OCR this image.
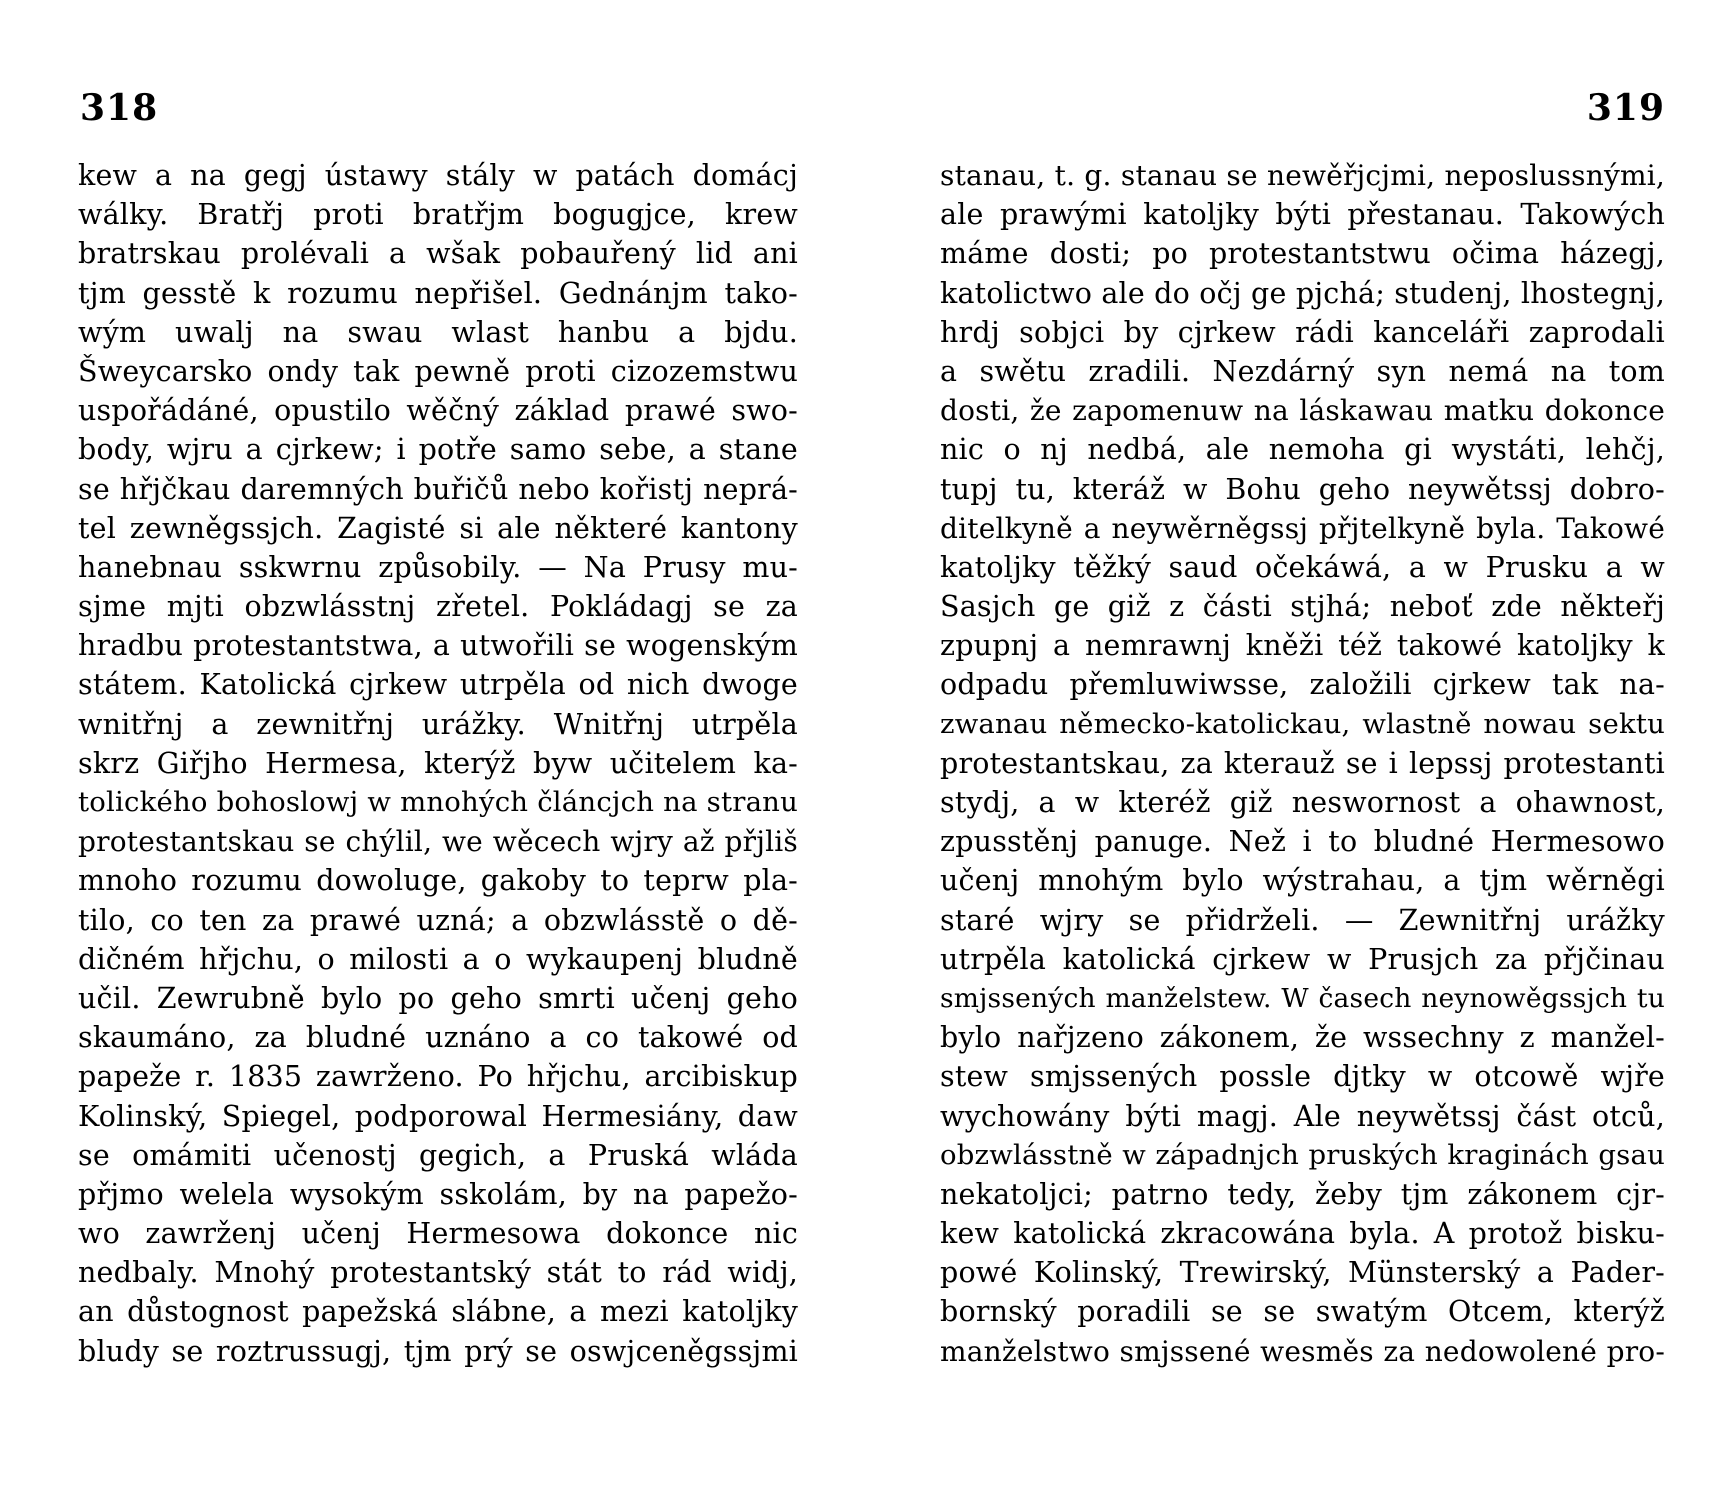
318
kew a na gegj ústawy stály w patách domácj
wálky. Bratřj proti bratřjm bogugjce, krew
bratrskau prolévali a wšak pobauřený lid ani
tjm gesstě k rozumu nepřišel. Gednánjm tako-
wým uwalj na swau wlast hanbu a bjdu.
Šweycarsko ondy tak pewně proti cizozemstwu
uspořádáné, opustilo wěčný základ prawé swo-
body, wjru a cjrkew; i potře samo sebe, a stane
se hřjčkau daremných buřičů nebo kořistj neprá-
tel zewněgssjch. Zagisté si ale některé kantony
hanebnau sskwrnu způsobily. — Na Prusy mu-
sjme mjti obzwlásstnj zřetel. Pokládagj se za
hradbu protestantstwa, a utwořili se wogenským
státem. Katolická cjrkew utrpěla od nich dwoge
wnitřnj a zewnitřnj urážky. Wnitřnj utrpěla
skrz Giřjho Hermesa, kterýž byw učitelem ka-
tolického bohoslowj w mnohých článcjch na stranu
protestantskau se chýlil, we wěcech wjry až přjliš
mnoho rozumu dowoluge, gakoby to teprw pla-
tilo, co ten za prawé uzná; a obzwlásstě o dě-
dičném hřjchu, o milosti a o wykaupenj bludně
učil. Zewrubně bylo po geho smrti učenj geho
skaumáno, za bludné uznáno a co takowé od
papeže r. 1835 zawrženo. Po hřjchu, arcibiskup
Kolinský, Spiegel, podporowal Hermesiány, daw
se omámiti učenostj gegich, a Pruská wláda
přjmo welela wysokým sskolám, by na papežo-
wo zawrženj učenj Hermesowa dokonce nic
nedbaly. Mnohý protestantský stát to rád widj,
an důstognost papežská slábne, a mezi katoljky
bludy se roztrussugj, tjm prý se oswjceněgssjmi
319
stanau, t. g. stanau se newěřjcjmi, neposlussnými,
ale prawými katoljky býti přestanau. Takowých
máme dosti; po protestantstwu očima házegj,
katolictwo ale do očj ge pjchá; studenj, lhostegnj,
hrdj sobjci by cjrkew rádi kanceláři zaprodali
a swětu zradili. Nezdárný syn nemá na tom
dosti, že zapomenuw na láskawau matku dokonce
nic o nj nedbá, ale nemoha gi wystáti, lehčj,
tupj tu, kteráž w Bohu geho neywětssj dobro-
ditelkyně a neywěrněgssj přjtelkyně byla. Takowé
katoljky těžký saud očekáwá, a w Prusku a w
Sasjch ge giž z části stjhá; neboť zde někteřj
zpupnj a nemrawnj kněži též takowé katoljky k
odpadu přemluwiwsse, založili cjrkew tak na-
zwanau německo-katolickau, wlastně nowau sektu
protestantskau, za kterauž se i lepssj protestanti
stydj, a w kteréž giž neswornost a ohawnost,
zpusstěnj panuge. Než i to bludné Hermesowo
učenj mnohým bylo wýstrahau, a tjm wěrněgi
staré wjry se přidrželi. — Zewnitřnj urážky
utrpěla katolická cjrkew w Prusjch za přjčinau
smjssených manželstew. W časech neynowěgssjch tu
bylo nařjzeno zákonem, že wssechny z manžel-
stew smjssených possle djtky w otcowě wjře
wychowány býti magj. Ale neywětssj část otců,
obzwlásstně w západnjch pruských kraginách gsau
nekatoljci; patrno tedy, žeby tjm zákonem cjr-
kew katolická zkracowána byla. A protož bisku-
powé Kolinský, Trewirský, Münsterský a Pader-
bornský poradili se se swatým Otcem, kterýž
manželstwo smjssené wesměs za nedowolené pro-
